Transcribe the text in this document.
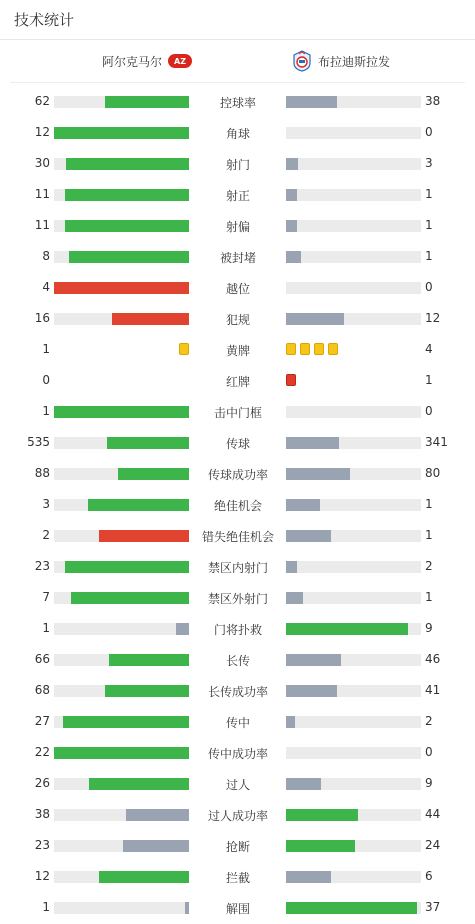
技术统计
阿尔克马尔 AZ	布拉迪斯拉发
62	控球率	38
12	角球	0
30	射门	3
11	射正	1
11	射偏	1
8	被封堵	1
4	越位	0
16	犯规	12
1	黄牌	4
0	红牌	1
1	击中门框	0
535	传球	341
88	传球成功率	80
3	绝佳机会	1
2	错失绝佳机会	1
23	禁区内射门	2
7	禁区外射门	1
1	门将扑救	9
66	长传	46
68	长传成功率	41
27	传中	2
22	传中成功率	0
26	过人	9
38	过人成功率	44
23	抢断	24
12	拦截	6
1	解围	37
